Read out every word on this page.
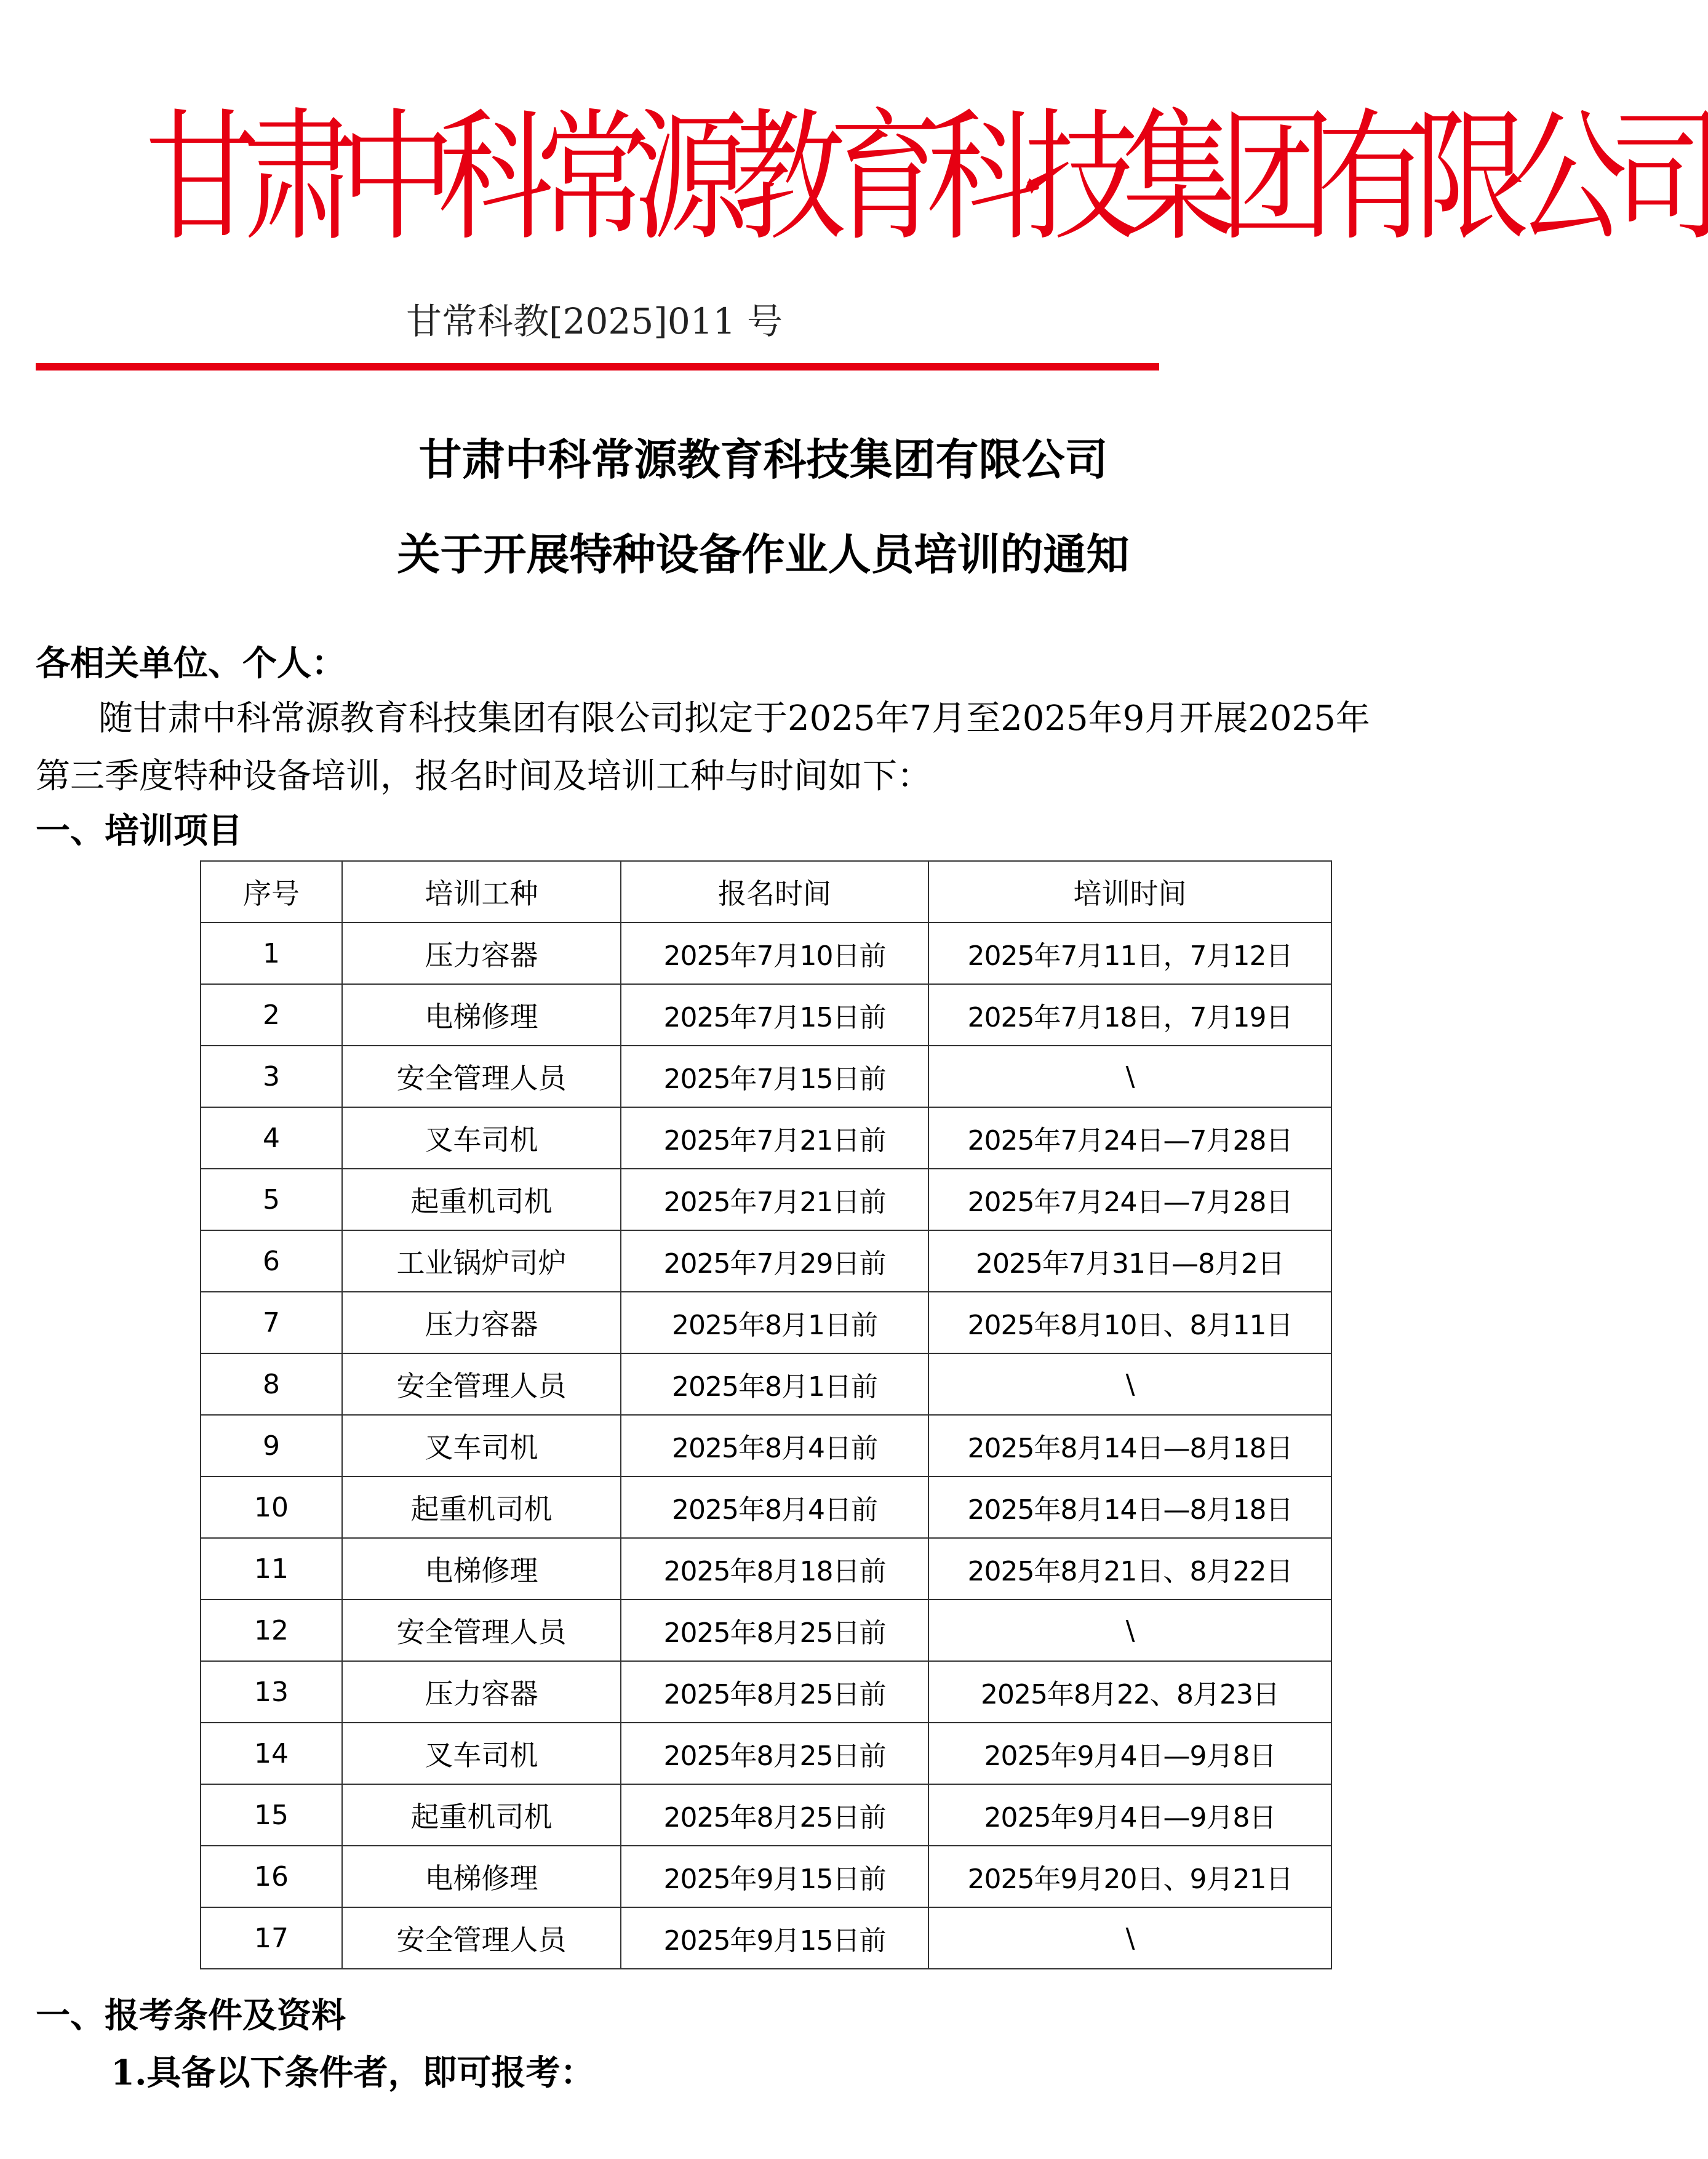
甘肃中科常源教育科技集团有限公司
甘常科教[2025]011 号
甘肃中科常源教育科技集团有限公司
关于开展特种设备作业人员培训的通知
各相关单位、个人：
随甘肃中科常源教育科技集团有限公司拟定于2025年7月至2025年9月开展2025年
第三季度特种设备培训，报名时间及培训工种与时间如下：
一、培训项目
序号	培训工种	报名时间	培训时间
1	压力容器	2025年7月10日前	2025年7月11日，7月12日
2	电梯修理	2025年7月15日前	2025年7月18日，7月19日
3	安全管理人员	2025年7月15日前	\
4	叉车司机	2025年7月21日前	2025年7月24日—7月28日
5	起重机司机	2025年7月21日前	2025年7月24日—7月28日
6	工业锅炉司炉	2025年7月29日前	2025年7月31日—8月2日
7	压力容器	2025年8月1日前	2025年8月10日、8月11日
8	安全管理人员	2025年8月1日前	\
9	叉车司机	2025年8月4日前	2025年8月14日—8月18日
10	起重机司机	2025年8月4日前	2025年8月14日—8月18日
11	电梯修理	2025年8月18日前	2025年8月21日、8月22日
12	安全管理人员	2025年8月25日前	\
13	压力容器	2025年8月25日前	2025年8月22、8月23日
14	叉车司机	2025年8月25日前	2025年9月4日—9月8日
15	起重机司机	2025年8月25日前	2025年9月4日—9月8日
16	电梯修理	2025年9月15日前	2025年9月20日、9月21日
17	安全管理人员	2025年9月15日前	\
一、报考条件及资料
1.具备以下条件者，即可报考：
